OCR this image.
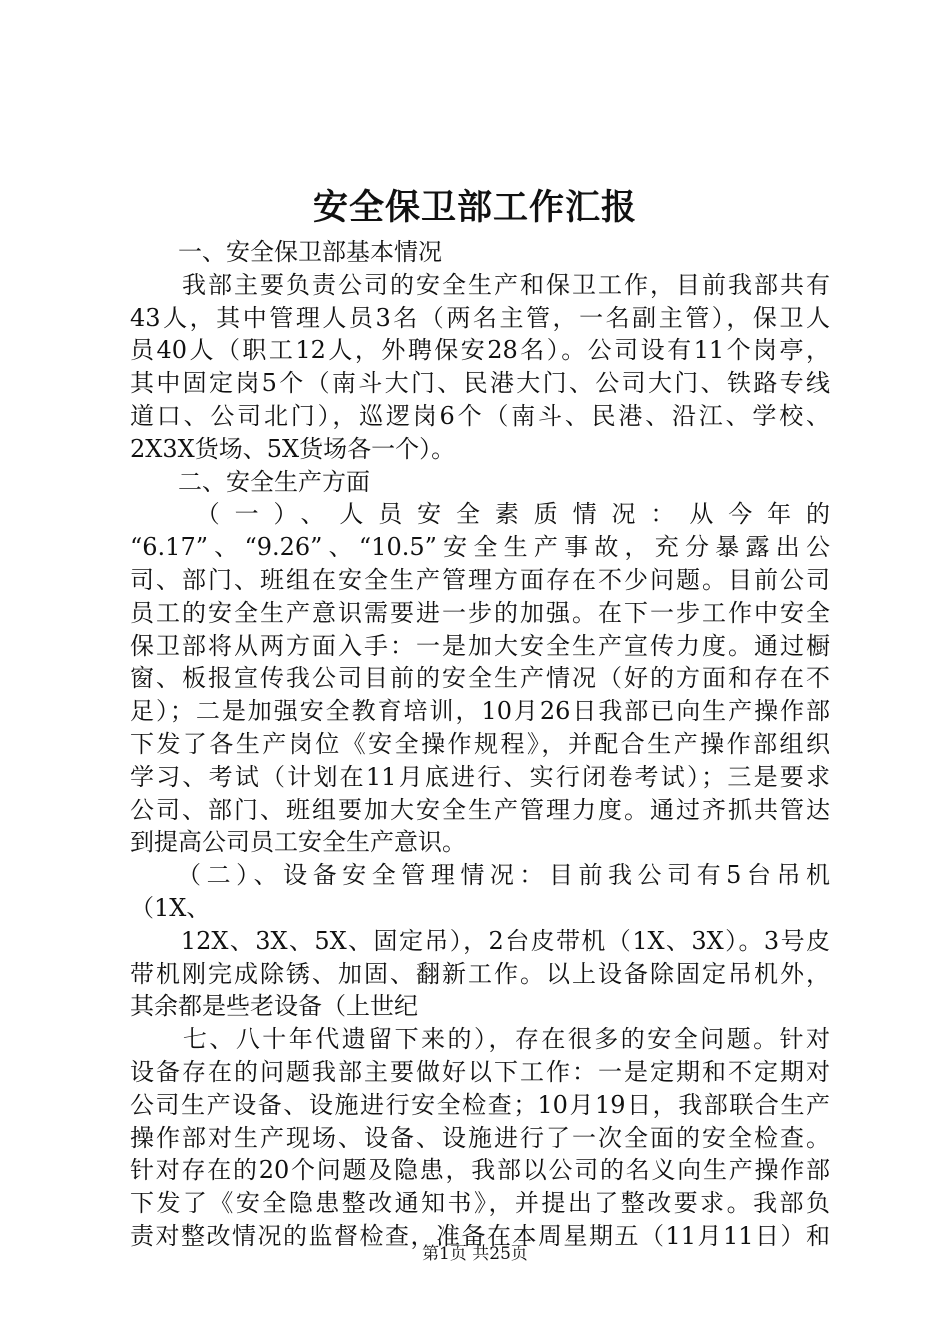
安全保卫部工作汇报
　　一、安全保卫部基本情况
　　我部主要负责公司的安全生产和保卫工作，目前我部共有
43人，其中管理人员3名（两名主管，一名副主管），保卫人
员40人（职工12人，外聘保安28名）。公司设有11个岗亭，
其中固定岗5个（南斗大门、民港大门、公司大门、铁路专线
道口、公司北门），巡逻岗6个（南斗、民港、沿江、学校、
2X3X货场、5X货场各一个）。
　　二、安全生产方面
　　（一）、人员安全素质情况：从今年的
“6.17”、“9.26”、“10.5”安全生产事故，充分暴露出公
司、部门、班组在安全生产管理方面存在不少问题。目前公司
员工的安全生产意识需要进一步的加强。在下一步工作中安全
保卫部将从两方面入手：一是加大安全生产宣传力度。通过橱
窗、板报宣传我公司目前的安全生产情况（好的方面和存在不
足）；二是加强安全教育培训，10月26日我部已向生产操作部
下发了各生产岗位《安全操作规程》，并配合生产操作部组织
学习、考试（计划在11月底进行、实行闭卷考试）；三是要求
公司、部门、班组要加大安全生产管理力度。通过齐抓共管达
到提高公司员工安全生产意识。
　　（二）、设备安全管理情况：目前我公司有5台吊机
（1X、
　　12X、3X、5X、固定吊），2台皮带机（1X、3X）。3号皮
带机刚完成除锈、加固、翻新工作。以上设备除固定吊机外，
其余都是些老设备（上世纪
　　七、八十年代遗留下来的），存在很多的安全问题。针对
设备存在的问题我部主要做好以下工作：一是定期和不定期对
公司生产设备、设施进行安全检查；10月19日，我部联合生产
操作部对生产现场、设备、设施进行了一次全面的安全检查。
针对存在的20个问题及隐患，我部以公司的名义向生产操作部
下发了《安全隐患整改通知书》，并提出了整改要求。我部负
责对整改情况的监督检查，准备在本周星期五（11月11日）和
第1页 共25页
